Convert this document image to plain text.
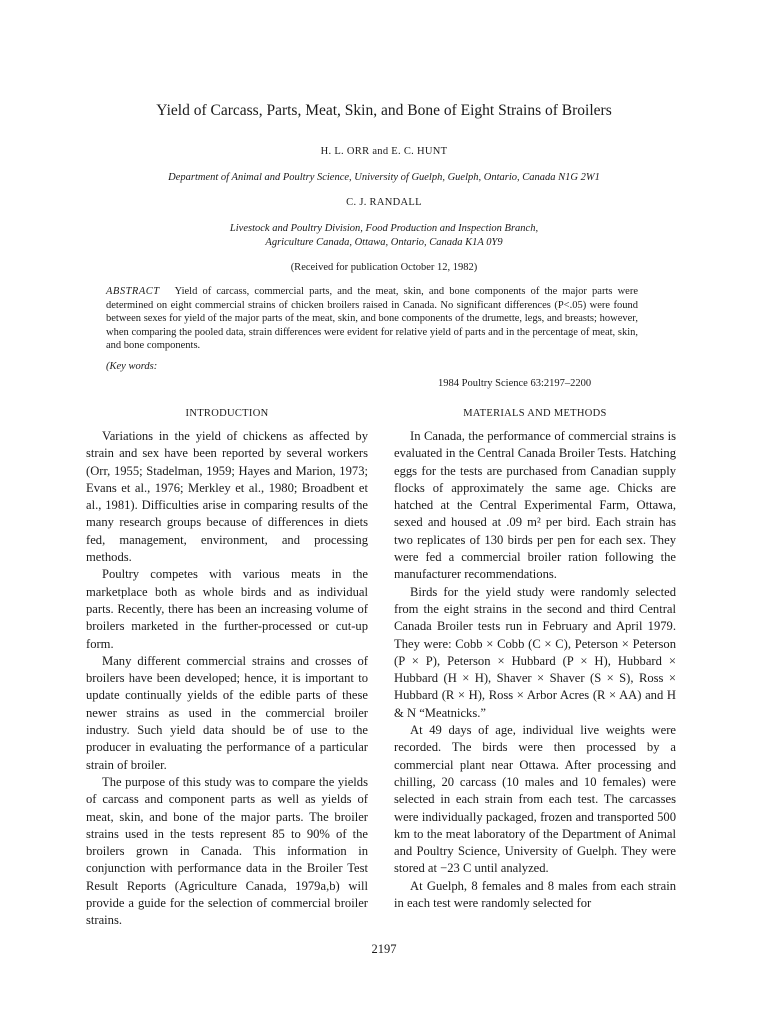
Yield of Carcass, Parts, Meat, Skin, and Bone of Eight Strains of Broilers
H. L. ORR and E. C. HUNT
Department of Animal and Poultry Science, University of Guelph, Guelph, Ontario, Canada N1G 2W1
C. J. RANDALL
Livestock and Poultry Division, Food Production and Inspection Branch,
Agriculture Canada, Ottawa, Ontario, Canada K1A 0Y9
(Received for publication October 12, 1982)
ABSTRACT Yield of carcass, commercial parts, and the meat, skin, and bone components of the major parts were determined on eight commercial strains of chicken broilers raised in Canada. No significant differences (P<.05) were found between sexes for yield of the major parts of the meat, skin, and bone components of the drumette, legs, and breasts; however, when comparing the pooled data, strain differences were evident for relative yield of parts and in the percentage of meat, skin, and bone components.
(Key words:
1984 Poultry Science 63:2197–2200
INTRODUCTION

Variations in the yield of chickens as affected by strain and sex have been reported by several workers (Orr, 1955; Stadelman, 1959; Hayes and Marion, 1973; Evans et al., 1976; Merkley et al., 1980; Broadbent et al., 1981). Difficulties arise in comparing results of the many research groups because of differences in diets fed, management, environment, and processing methods.

Poultry competes with various meats in the marketplace both as whole birds and as individual parts. Recently, there has been an increasing volume of broilers marketed in the further-processed or cut-up form.

Many different commercial strains and crosses of broilers have been developed; hence, it is important to update continually yields of the edible parts of these newer strains as used in the commercial broiler industry. Such yield data should be of use to the producer in evaluating the performance of a particular strain of broiler.

The purpose of this study was to compare the yields of carcass and component parts as well as yields of meat, skin, and bone of the major parts. The broiler strains used in the tests represent 85 to 90% of the broilers grown in Canada. This information in conjunction with performance data in the Broiler Test Result Reports (Agriculture Canada, 1979a,b) will provide a guide for the selection of commercial broiler strains.

MATERIALS AND METHODS

In Canada, the performance of commercial strains is evaluated in the Central Canada Broiler Tests. Hatching eggs for the tests are purchased from Canadian supply flocks of approximately the same age. Chicks are hatched at the Central Experimental Farm, Ottawa, sexed and housed at .09 m² per bird. Each strain has two replicates of 130 birds per pen for each sex. They were fed a commercial broiler ration following the manufacturer recommendations.

Birds for the yield study were randomly selected from the eight strains in the second and third Central Canada Broiler tests run in February and April 1979. They were: Cobb × Cobb (C × C), Peterson × Peterson (P × P), Peterson × Hubbard (P × H), Hubbard × Hubbard (H × H), Shaver × Shaver (S × S), Ross × Hubbard (R × H), Ross × Arbor Acres (R × AA) and H & N “Meatnicks.”

At 49 days of age, individual live weights were recorded. The birds were then processed by a commercial plant near Ottawa. After processing and chilling, 20 carcass (10 males and 10 females) were selected in each strain from each test. The carcasses were individually packaged, frozen and transported 500 km to the meat laboratory of the Department of Animal and Poultry Science, University of Guelph. They were stored at −23 C until analyzed.

At Guelph, 8 females and 8 males from each strain in each test were randomly selected for

2197
